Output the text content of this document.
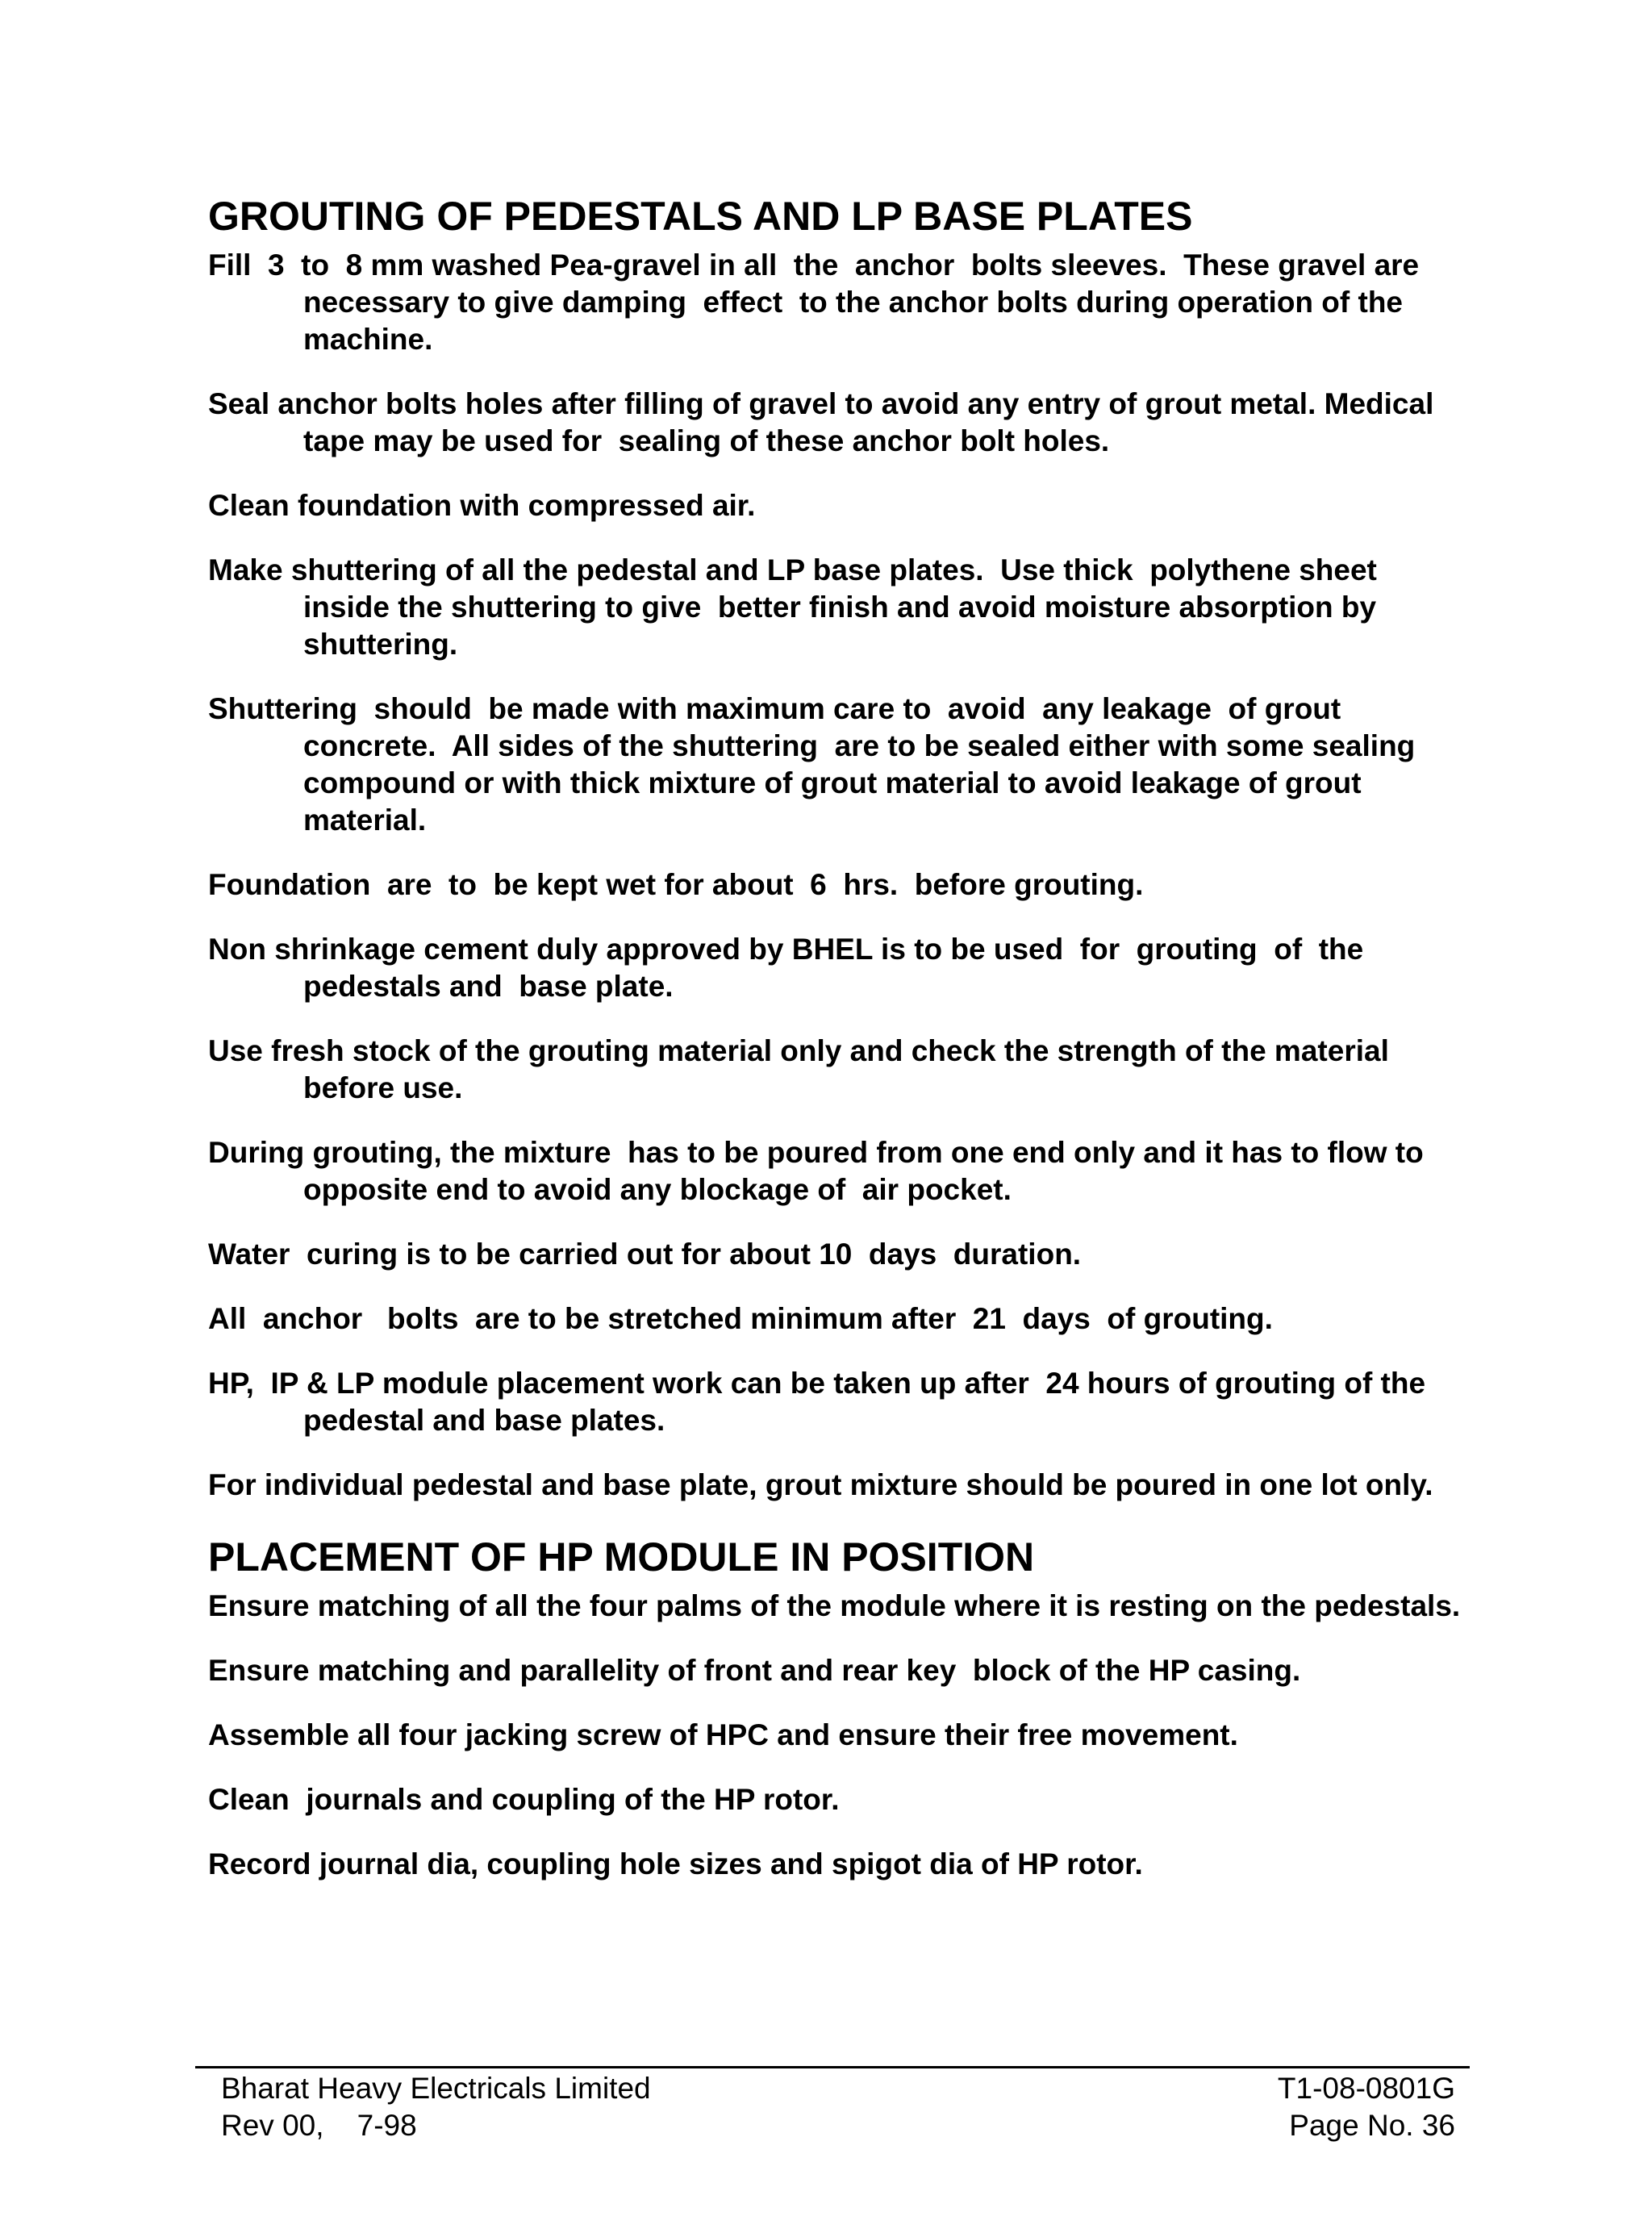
GROUTING OF PEDESTALS AND LP BASE PLATES
Fill  3  to  8 mm washed Pea-gravel in all  the  anchor  bolts sleeves.  These gravel are necessary to give damping  effect  to the anchor bolts during operation of the machine.
Seal anchor bolts holes after filling of gravel to avoid any entry of grout metal. Medical tape may be used for  sealing of these anchor bolt holes.
Clean foundation with compressed air.
Make shuttering of all the pedestal and LP base plates.  Use thick  polythene sheet inside the shuttering to give  better finish and avoid moisture absorption by shuttering.
Shuttering  should  be made with maximum care to  avoid  any leakage  of grout concrete.  All sides of the shuttering  are to be sealed either with some sealing compound or with thick mixture of grout material to avoid leakage of grout material.
Foundation  are  to  be kept wet for about  6  hrs.  before grouting.
Non shrinkage cement duly approved by BHEL is to be used  for  grouting  of  the pedestals and  base plate.
Use fresh stock of the grouting material only and check the strength of the material before use.
During grouting, the mixture  has to be poured from one end only and it has to flow to opposite end to avoid any blockage of  air pocket.
Water  curing is to be carried out for about 10  days  duration.
All  anchor   bolts  are to be stretched minimum after  21  days  of grouting.
HP,  IP & LP module placement work can be taken up after  24 hours of grouting of the pedestal and base plates.
For individual pedestal and base plate, grout mixture should be poured in one lot only.
PLACEMENT OF HP MODULE IN POSITION
Ensure matching of all the four palms of the module where it is resting on the pedestals.
Ensure matching and parallelity of front and rear key  block of the HP casing.
Assemble all four jacking screw of HPC and ensure their free movement.
Clean  journals and coupling of the HP rotor.
Record journal dia, coupling hole sizes and spigot dia of HP rotor.
Bharat Heavy Electricals Limited	T1-08-0801G
Rev 00,    7-98	Page No. 36
